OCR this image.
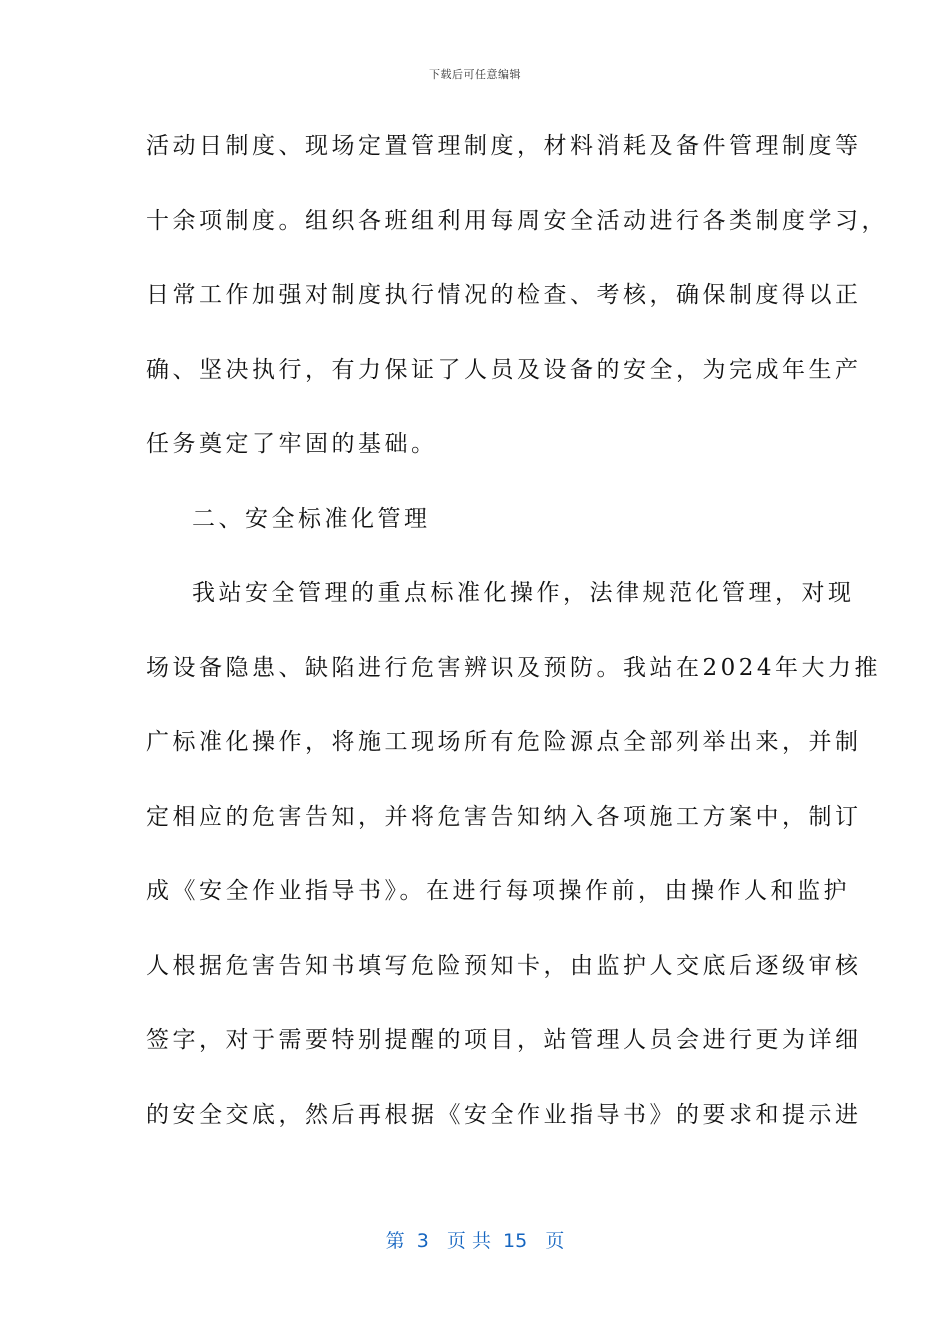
下载后可任意编辑
活动日制度、现场定置管理制度，材料消耗及备件管理制度等
十余项制度。组织各班组利用每周安全活动进行各类制度学习，
日常工作加强对制度执行情况的检查、考核，确保制度得以正
确、坚决执行，有力保证了人员及设备的安全，为完成年生产
任务奠定了牢固的基础。
二、安全标准化管理
我站安全管理的重点标准化操作，法律规范化管理，对现
场设备隐患、缺陷进行危害辨识及预防。我站在2024年大力推
广标准化操作，将施工现场所有危险源点全部列举出来，并制
定相应的危害告知，并将危害告知纳入各项施工方案中，制订
成《安全作业指导书》。在进行每项操作前，由操作人和监护
人根据危害告知书填写危险预知卡，由监护人交底后逐级审核
签字，对于需要特别提醒的项目，站管理人员会进行更为详细
的安全交底，然后再根据《安全作业指导书》的要求和提示进
第  3   页 共  15   页
